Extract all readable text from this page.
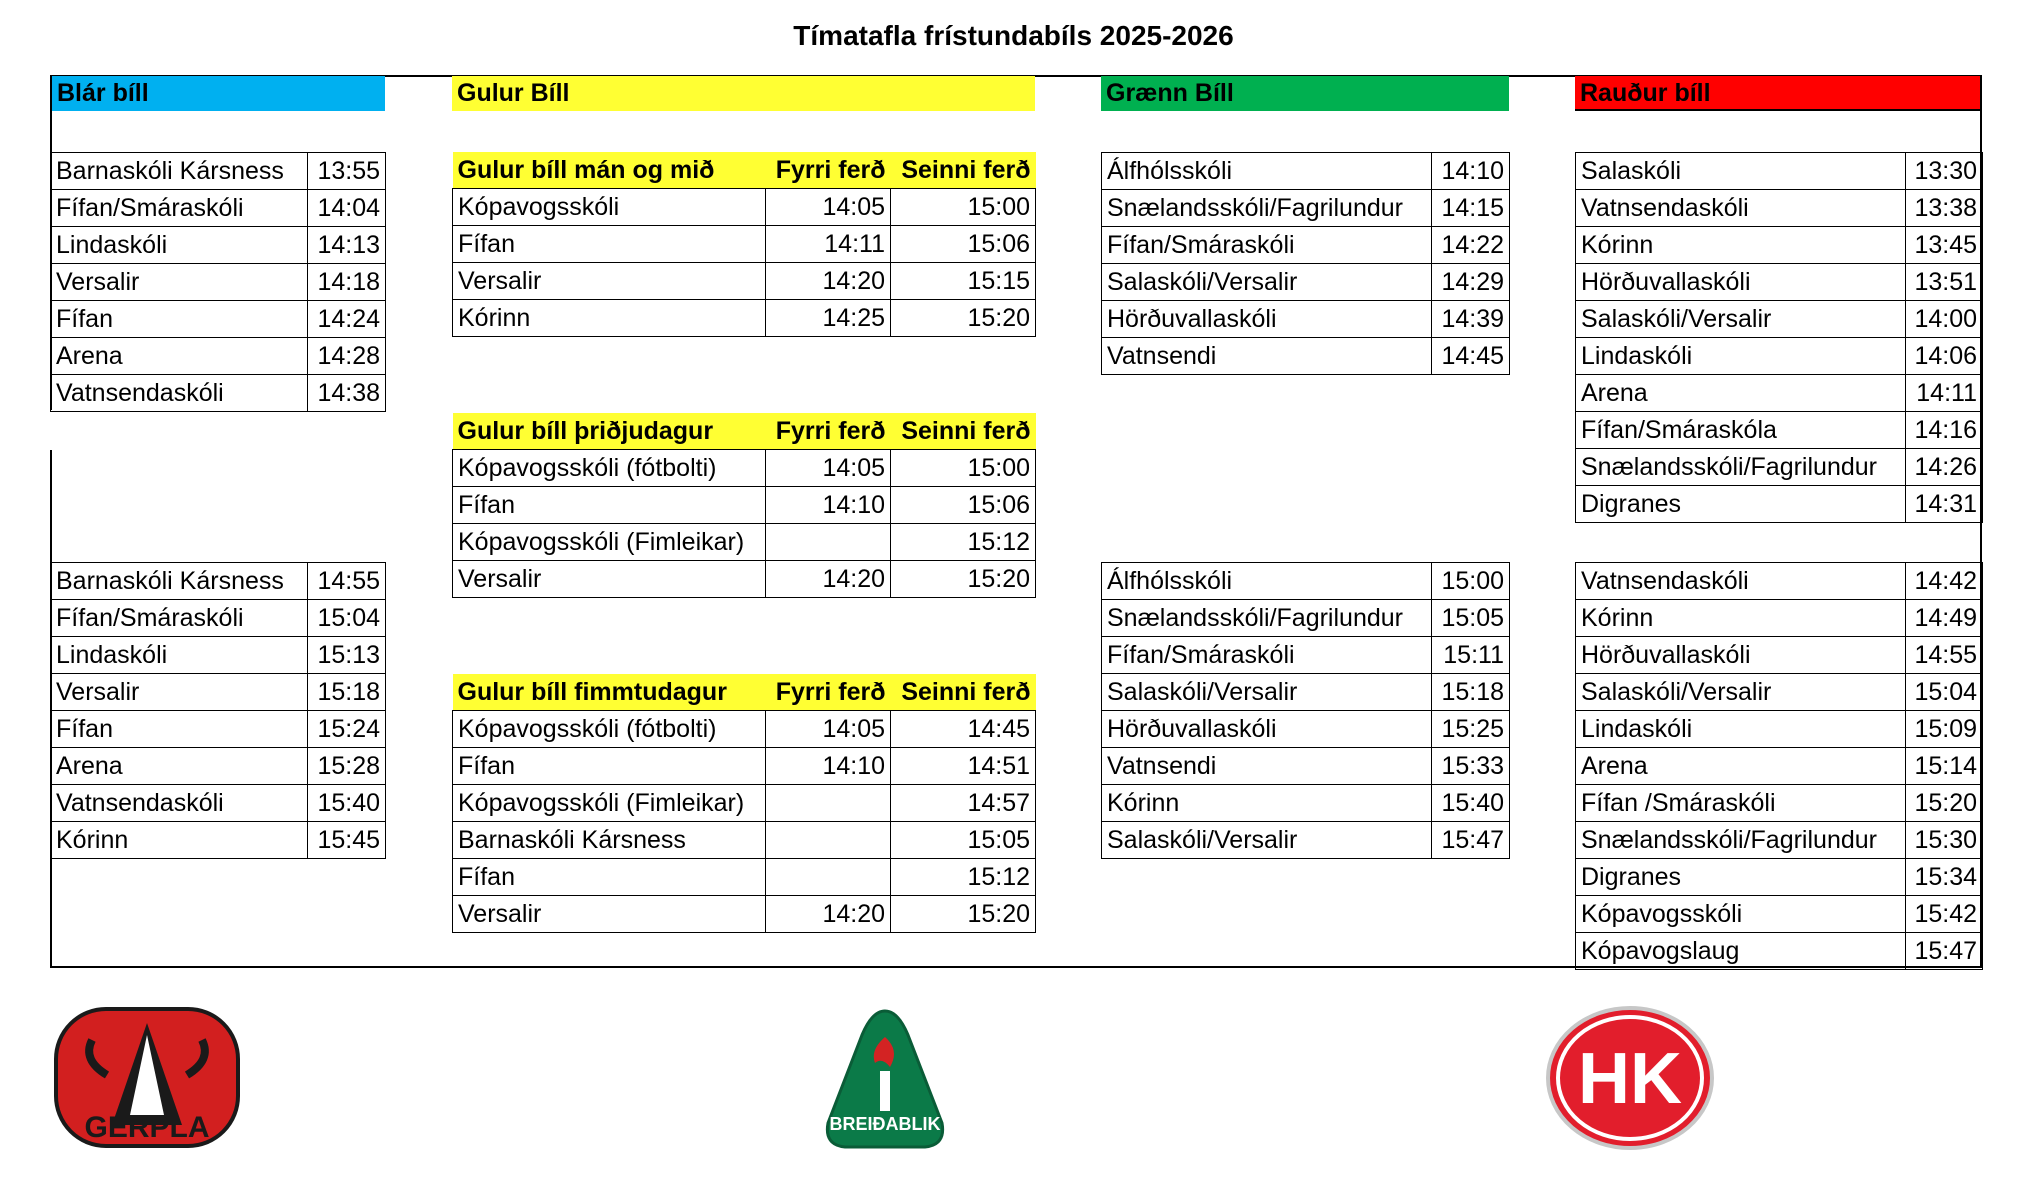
Tímatafla frístundabíls 2025-2026
Blár bíll	Gulur Bíll	Grænn Bíll	Rauður bíll
Barnaskóli Kársness	13:55
Fífan/Smáraskóli	14:04
Lindaskóli	14:13
Versalir	14:18
Fífan	14:24
Arena	14:28
Vatnsendaskóli	14:38
Barnaskóli Kársness	14:55
Fífan/Smáraskóli	15:04
Lindaskóli	15:13
Versalir	15:18
Fífan	15:24
Arena	15:28
Vatnsendaskóli	15:40
Kórinn	15:45
Gulur bíll mán og mið	Fyrri ferð	Seinni ferð
Kópavogsskóli	14:05	15:00
Fífan	14:11	15:06
Versalir	14:20	15:15
Kórinn	14:25	15:20
Gulur bíll þriðjudagur	Fyrri ferð	Seinni ferð
Kópavogsskóli (fótbolti)	14:05	15:00
Fífan	14:10	15:06
Kópavogsskóli (Fimleikar)		15:12
Versalir	14:20	15:20
Gulur bíll fimmtudagur	Fyrri ferð	Seinni ferð
Kópavogsskóli (fótbolti)	14:05	14:45
Fífan	14:10	14:51
Kópavogsskóli (Fimleikar)		14:57
Barnaskóli Kársness		15:05
Fífan		15:12
Versalir	14:20	15:20
Álfhólsskóli	14:10
Snælandsskóli/Fagrilundur	14:15
Fífan/Smáraskóli	14:22
Salaskóli/Versalir	14:29
Hörðuvallaskóli	14:39
Vatnsendi	14:45
Álfhólsskóli	15:00
Snælandsskóli/Fagrilundur	15:05
Fífan/Smáraskóli	15:11
Salaskóli/Versalir	15:18
Hörðuvallaskóli	15:25
Vatnsendi	15:33
Kórinn	15:40
Salaskóli/Versalir	15:47
Salaskóli	13:30
Vatnsendaskóli	13:38
Kórinn	13:45
Hörðuvallaskóli	13:51
Salaskóli/Versalir	14:00
Lindaskóli	14:06
Arena	14:11
Fífan/Smáraskóla	14:16
Snælandsskóli/Fagrilundur	14:26
Digranes	14:31
Vatnsendaskóli	14:42
Kórinn	14:49
Hörðuvallaskóli	14:55
Salaskóli/Versalir	15:04
Lindaskóli	15:09
Arena	15:14
Fífan /Smáraskóli	15:20
Snælandsskóli/Fagrilundur	15:30
Digranes	15:34
Kópavogsskóli	15:42
Kópavogslaug	15:47
GERPLA	BREIÐABLIK
HK
